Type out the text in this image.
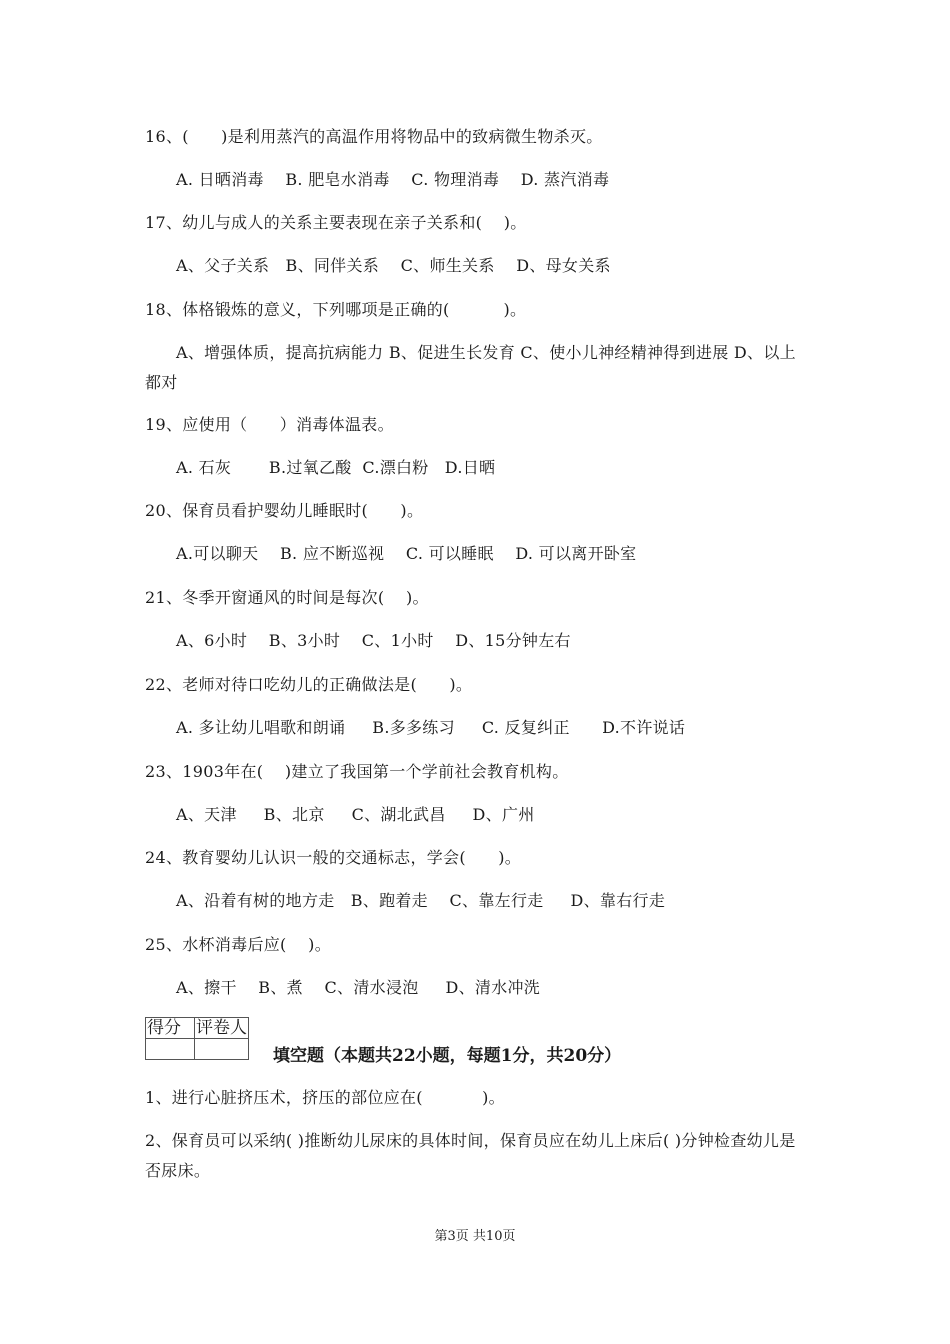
16、(      )是利用蒸汽的高温作用将物品中的致病微生物杀灭。
A. 日晒消毒    B. 肥皂水消毒    C. 物理消毒    D. 蒸汽消毒
17、幼儿与成人的关系主要表现在亲子关系和(    )。
A、父子关系   B、同伴关系    C、师生关系    D、母女关系
18、体格锻炼的意义，下列哪项是正确的(          )。
A、增强体质，提高抗病能力 B、促进生长发育 C、使小儿神经精神得到进展 D、以上都对
19、应使用（      ）消毒体温表。
A. 石灰       B.过氧乙酸  C.漂白粉   D.日晒
20、保育员看护婴幼儿睡眠时(      )。
A.可以聊天    B. 应不断巡视    C. 可以睡眠    D. 可以离开卧室
21、冬季开窗通风的时间是每次(    )。
A、6小时    B、3小时    C、1小时    D、15分钟左右
22、老师对待口吃幼儿的正确做法是(      )。
A. 多让幼儿唱歌和朗诵     B.多多练习     C. 反复纠正      D.不许说话
23、1903年在(    )建立了我国第一个学前社会教育机构。
A、天津     B、北京     C、湖北武昌     D、广州
24、教育婴幼儿认识一般的交通标志，学会(      )。
A、沿着有树的地方走   B、跑着走    C、靠左行走     D、靠右行走
25、水杯消毒后应(    )。
A、擦干    B、煮    C、清水浸泡     D、清水冲洗
得分	评卷人

填空题（本题共22小题，每题1分，共20分）
1、进行心脏挤压术，挤压的部位应在(           )。
2、保育员可以采纳( )推断幼儿尿床的具体时间，保育员应在幼儿上床后( )分钟检查幼儿是否尿床。
第3页 共10页
